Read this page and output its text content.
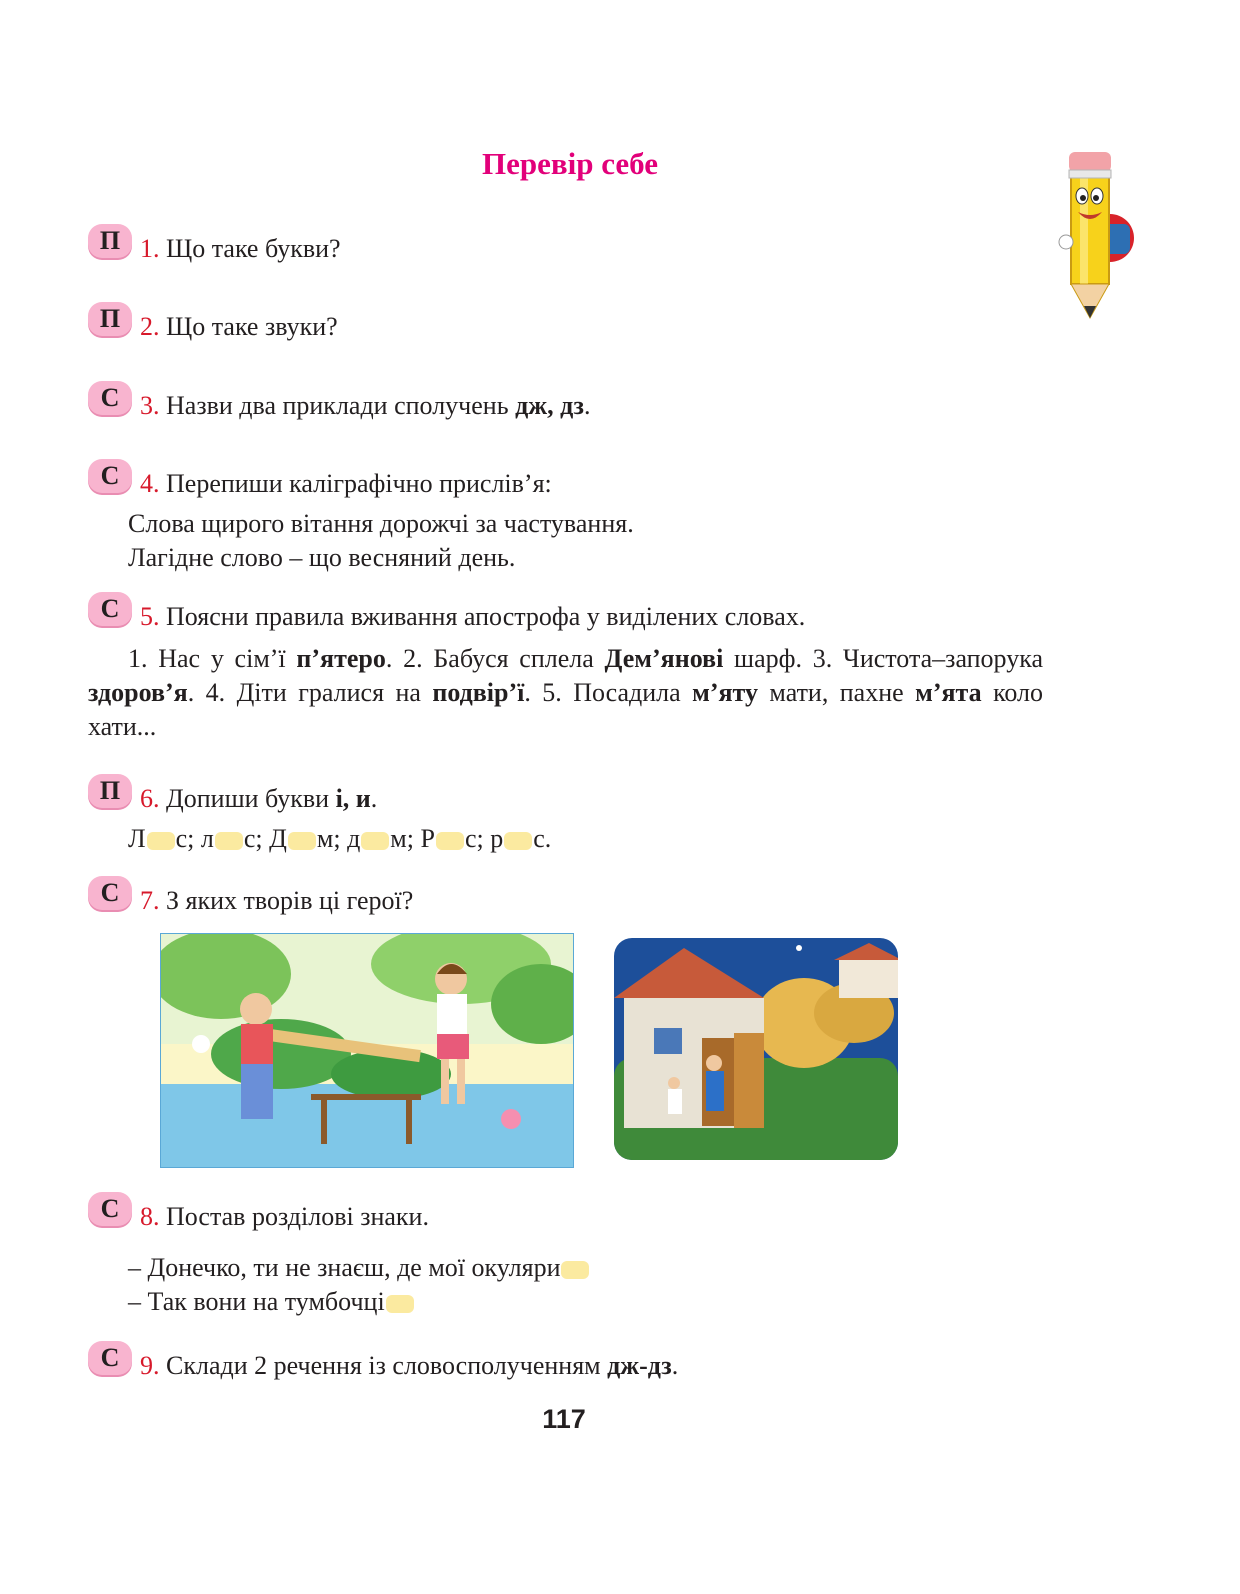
Перевір себе
П 1. Що таке букви?
П 2. Що таке звуки?
С 3. Назви два приклади сполучень дж, дз.
С 4. Перепиши каліграфічно прислів’я:
Слова щирого вітання дорожчі за частування.
Лагідне слово – що весняний день.
С 5. Поясни правила вживання апострофа у виділених словах.
1. Нас у сім’ї п’ятеро. 2. Бабуся сплела Дем’янові шарф. 3. Чистота–запорука здоров’я. 4. Діти гралися на подвір’ї. 5. Посадила м’яту мати, пахне м’ята коло хати...
П 6. Допиши букви і, и.
Л с; л с; Д м; д м; Р с; р с.
С 7. З яких творів ці герої?
С 8. Постав розділові знаки.
– Донечко, ти не знаєш, де мої окуляри
– Так вони на тумбочці
С 9. Склади 2 речення із словосполученням дж-дз.
117
